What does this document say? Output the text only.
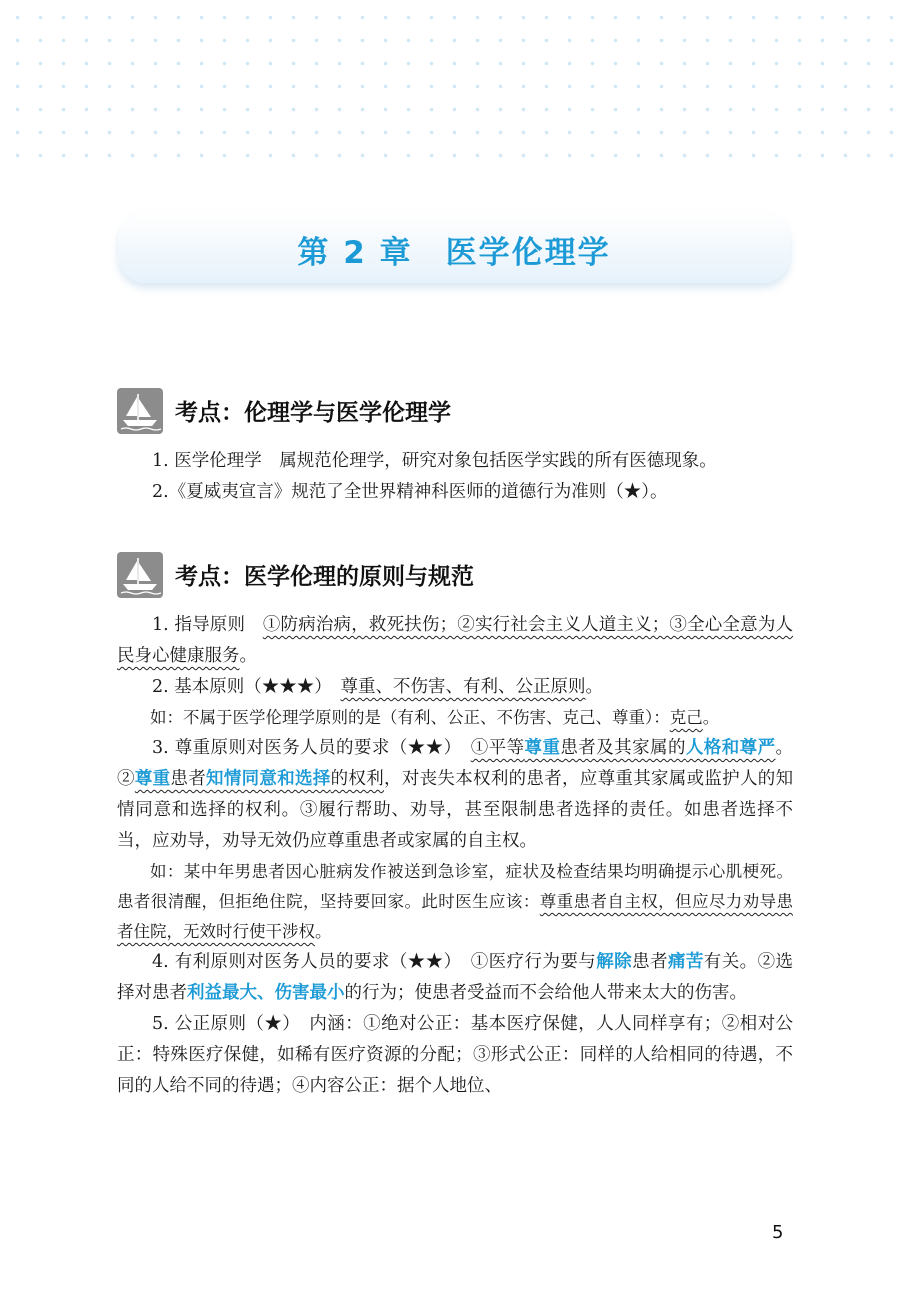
第 2 章　医学伦理学
考点：伦理学与医学伦理学

1. 医学伦理学　属规范伦理学，研究对象包括医学实践的所有医德现象。

2.《夏威夷宣言》规范了全世界精神科医师的道德行为准则（★）。

考点：医学伦理的原则与规范

1. 指导原则　①防病治病，救死扶伤；②实行社会主义人道主义；③全心全意为人民身心健康服务。

2. 基本原则（★★★）　尊重、不伤害、有利、公正原则。

如：不属于医学伦理学原则的是（有利、公正、不伤害、克己、尊重）：克己。

3. 尊重原则对医务人员的要求（★★）　①平等尊重患者及其家属的人格和尊严。②尊重患者知情同意和选择的权利，对丧失本权利的患者，应尊重其家属或监护人的知情同意和选择的权利。③履行帮助、劝导，甚至限制患者选择的责任。如患者选择不当，应劝导，劝导无效仍应尊重患者或家属的自主权。

如：某中年男患者因心脏病发作被送到急诊室，症状及检查结果均明确提示心肌梗死。患者很清醒，但拒绝住院，坚持要回家。此时医生应该：尊重患者自主权，但应尽力劝导患者住院，无效时行使干涉权。

4. 有利原则对医务人员的要求（★★）　①医疗行为要与解除患者痛苦有关。②选择对患者利益最大、伤害最小的行为；使患者受益而不会给他人带来太大的伤害。

5. 公正原则（★）　内涵：①绝对公正：基本医疗保健，人人同样享有；②相对公正：特殊医疗保健，如稀有医疗资源的分配；③形式公正：同样的人给相同的待遇，不同的人给不同的待遇；④内容公正：据个人地位、

5
